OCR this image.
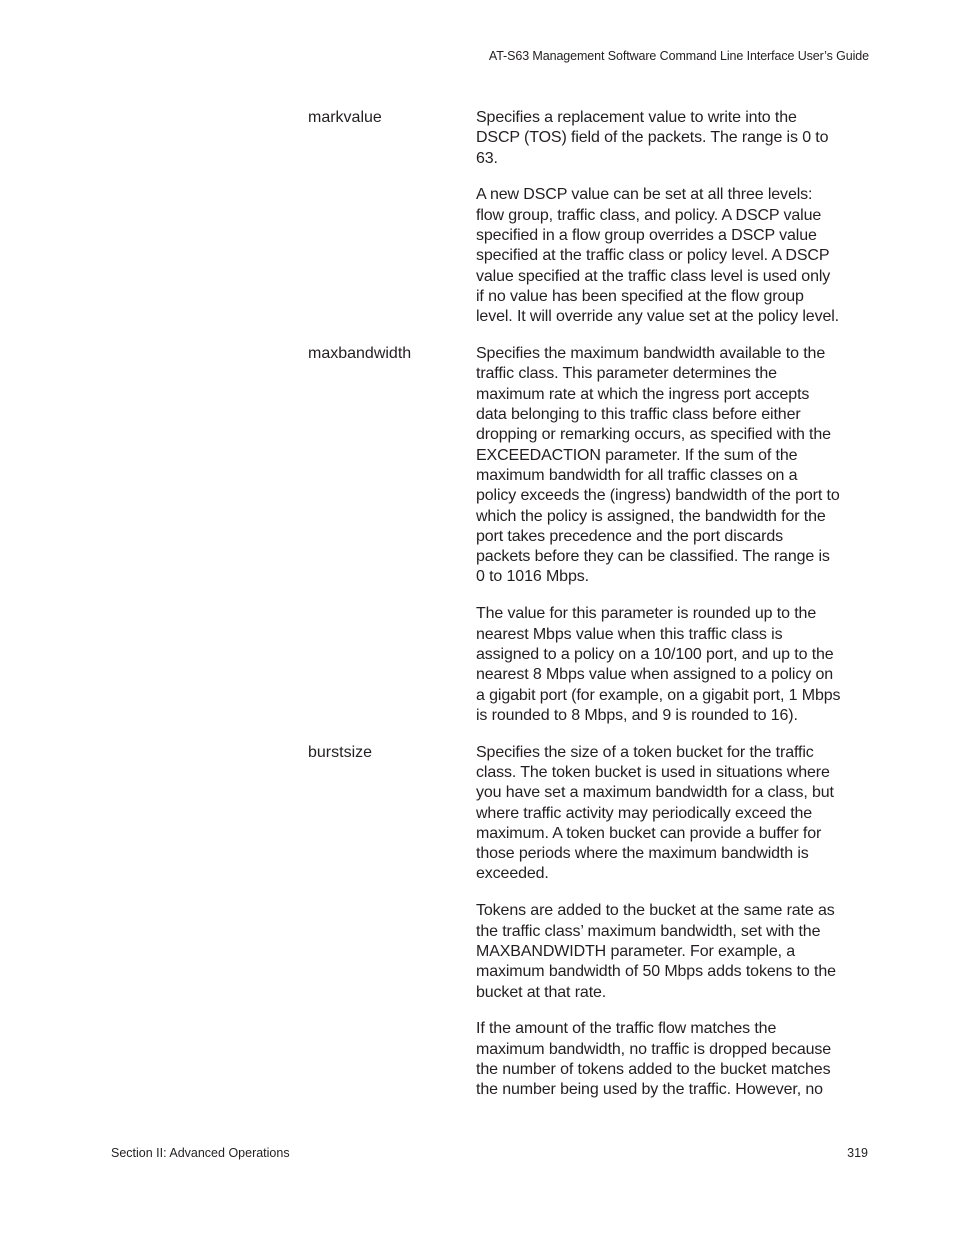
AT-S63 Management Software Command Line Interface User’s Guide
markvalue	Specifies a replacement value to write into the
DSCP (TOS) field of the packets. The range is 0 to
63.

A new DSCP value can be set at all three levels:
flow group, traffic class, and policy. A DSCP value
specified in a flow group overrides a DSCP value
specified at the traffic class or policy level. A DSCP
value specified at the traffic class level is used only
if no value has been specified at the flow group
level. It will override any value set at the policy level.

maxbandwidth	Specifies the maximum bandwidth available to the
traffic class. This parameter determines the
maximum rate at which the ingress port accepts
data belonging to this traffic class before either
dropping or remarking occurs, as specified with the
EXCEEDACTION parameter. If the sum of the
maximum bandwidth for all traffic classes on a
policy exceeds the (ingress) bandwidth of the port to
which the policy is assigned, the bandwidth for the
port takes precedence and the port discards
packets before they can be classified. The range is
0 to 1016 Mbps.

The value for this parameter is rounded up to the
nearest Mbps value when this traffic class is
assigned to a policy on a 10/100 port, and up to the
nearest 8 Mbps value when assigned to a policy on
a gigabit port (for example, on a gigabit port, 1 Mbps
is rounded to 8 Mbps, and 9 is rounded to 16).

burstsize	Specifies the size of a token bucket for the traffic
class. The token bucket is used in situations where
you have set a maximum bandwidth for a class, but
where traffic activity may periodically exceed the
maximum. A token bucket can provide a buffer for
those periods where the maximum bandwidth is
exceeded.

Tokens are added to the bucket at the same rate as
the traffic class’ maximum bandwidth, set with the
MAXBANDWIDTH parameter. For example, a
maximum bandwidth of 50 Mbps adds tokens to the
bucket at that rate.

If the amount of the traffic flow matches the
maximum bandwidth, no traffic is dropped because
the number of tokens added to the bucket matches
the number being used by the traffic. However, no

Section II: Advanced Operations	319
